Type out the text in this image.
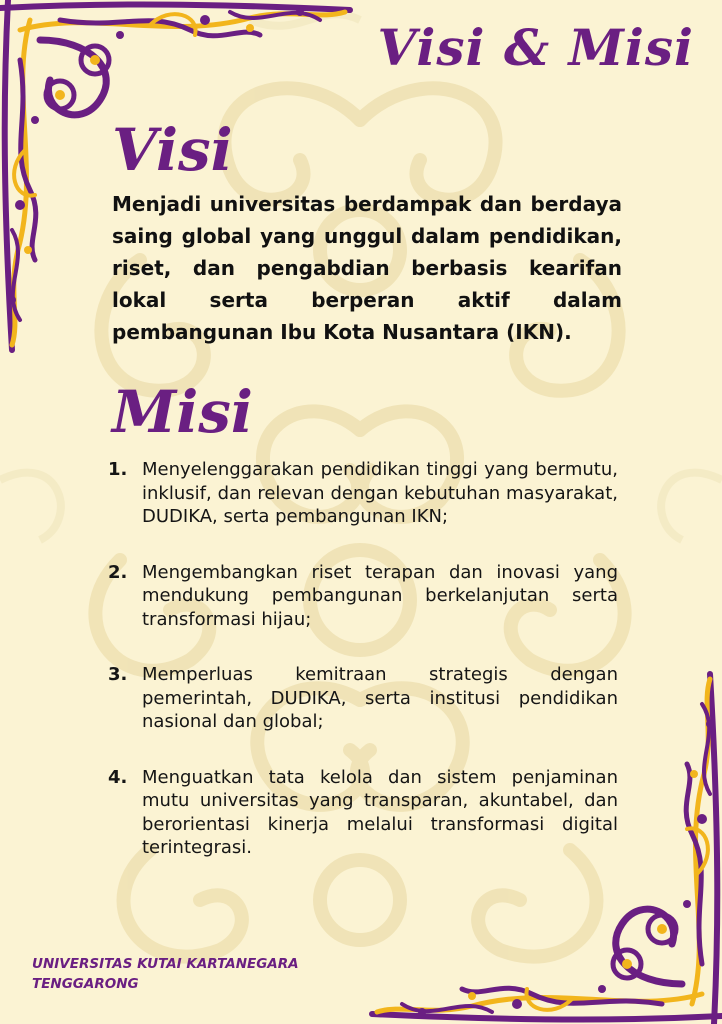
Visi & Misi
Visi
Menjadi universitas berdampak dan berdaya saing global yang unggul dalam pendidikan, riset, dan pengabdian berbasis kearifan lokal serta berperan aktif dalam pembangunan Ibu Kota Nusantara (IKN).
Misi
1. Menyelenggarakan pendidikan tinggi yang bermutu, inklusif, dan relevan dengan kebutuhan masyarakat, DUDIKA, serta pembangunan IKN;
2. Mengembangkan riset terapan dan inovasi yang mendukung pembangunan berkelanjutan serta transformasi hijau;
3. Memperluas kemitraan strategis dengan pemerintah, DUDIKA, serta institusi pendidikan nasional dan global;
4. Menguatkan tata kelola dan sistem penjaminan mutu universitas yang transparan, akuntabel, dan berorientasi kinerja melalui transformasi digital terintegrasi.
UNIVERSITAS KUTAI KARTANEGARA
TENGGARONG
